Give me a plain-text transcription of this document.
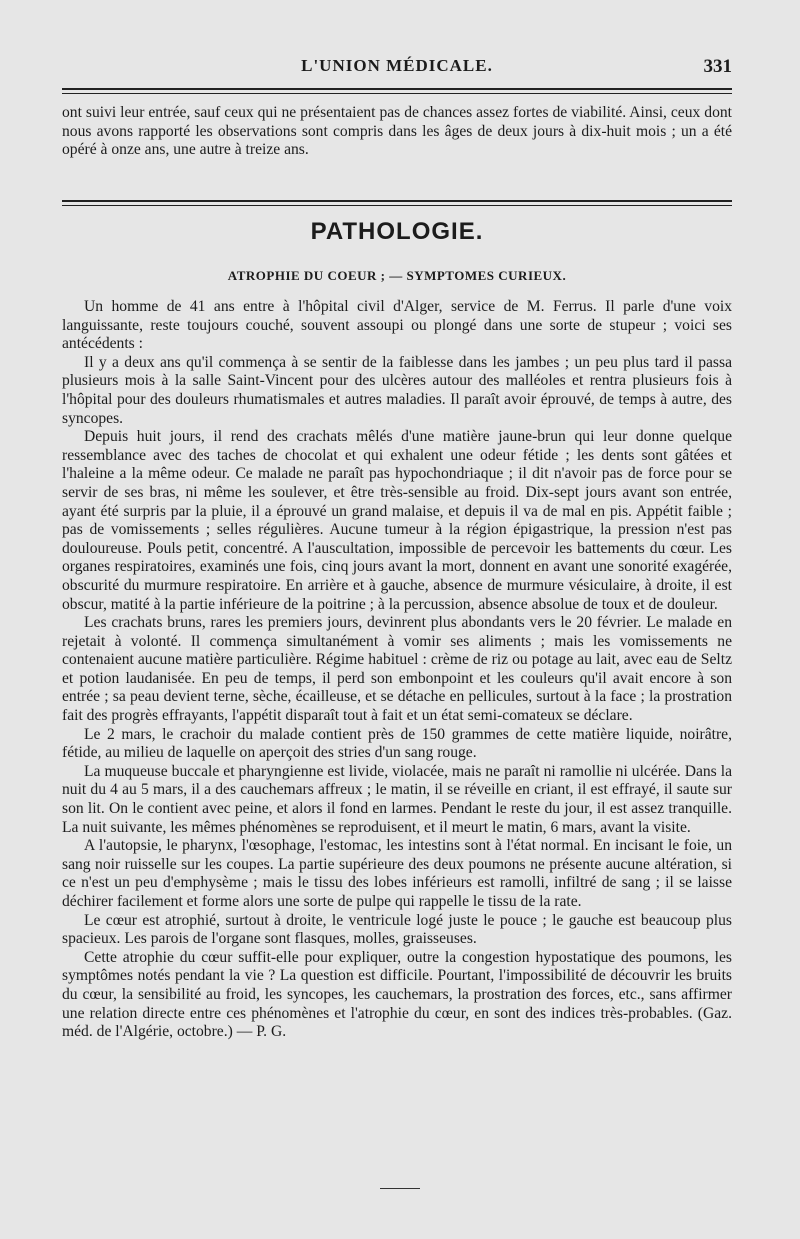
L'UNION MÉDICALE.	331

ont suivi leur entrée, sauf ceux qui ne présentaient pas de chances assez fortes de viabilité. Ainsi, ceux dont nous avons rapporté les observations sont compris dans les âges de deux jours à dix-huit mois ; un a été opéré à onze ans, une autre à treize ans.

PATHOLOGIE.
ATROPHIE DU COEUR ; — SYMPTOMES CURIEUX.

Un homme de 41 ans entre à l'hôpital civil d'Alger, service de M. Ferrus. Il parle d'une voix languissante, reste toujours couché, souvent assoupi ou plongé dans une sorte de stupeur ; voici ses antécédents :

Il y a deux ans qu'il commença à se sentir de la faiblesse dans les jambes ; un peu plus tard il passa plusieurs mois à la salle Saint-Vincent pour des ulcères autour des malléoles et rentra plusieurs fois à l'hôpital pour des douleurs rhumatismales et autres maladies. Il paraît avoir éprouvé, de temps à autre, des syncopes.

Depuis huit jours, il rend des crachats mêlés d'une matière jaune-brun qui leur donne quelque ressemblance avec des taches de chocolat et qui exhalent une odeur fétide ; les dents sont gâtées et l'haleine a la même odeur. Ce malade ne paraît pas hypochondriaque ; il dit n'avoir pas de force pour se servir de ses bras, ni même les soulever, et être très-sensible au froid. Dix-sept jours avant son entrée, ayant été surpris par la pluie, il a éprouvé un grand malaise, et depuis il va de mal en pis. Appétit faible ; pas de vomissements ; selles régulières. Aucune tumeur à la région épigastrique, la pression n'est pas douloureuse. Pouls petit, concentré. A l'auscultation, impossible de percevoir les battements du cœur. Les organes respiratoires, examinés une fois, cinq jours avant la mort, donnent en avant une sonorité exagérée, obscurité du murmure respiratoire. En arrière et à gauche, absence de murmure vésiculaire, à droite, il est obscur, matité à la partie inférieure de la poitrine ; à la percussion, absence absolue de toux et de douleur.

Les crachats bruns, rares les premiers jours, devinrent plus abondants vers le 20 février. Le malade en rejetait à volonté. Il commença simultanément à vomir ses aliments ; mais les vomissements ne contenaient aucune matière particulière. Régime habituel : crème de riz ou potage au lait, avec eau de Seltz et potion laudanisée. En peu de temps, il perd son embonpoint et les couleurs qu'il avait encore à son entrée ; sa peau devient terne, sèche, écailleuse, et se détache en pellicules, surtout à la face ; la prostration fait des progrès effrayants, l'appétit disparaît tout à fait et un état semi-comateux se déclare.

Le 2 mars, le crachoir du malade contient près de 150 grammes de cette matière liquide, noirâtre, fétide, au milieu de laquelle on aperçoit des stries d'un sang rouge.

La muqueuse buccale et pharyngienne est livide, violacée, mais ne paraît ni ramollie ni ulcérée. Dans la nuit du 4 au 5 mars, il a des cauchemars affreux ; le matin, il se réveille en criant, il est effrayé, il saute sur son lit. On le contient avec peine, et alors il fond en larmes. Pendant le reste du jour, il est assez tranquille. La nuit suivante, les mêmes phénomènes se reproduisent, et il meurt le matin, 6 mars, avant la visite.

A l'autopsie, le pharynx, l'œsophage, l'estomac, les intestins sont à l'état normal. En incisant le foie, un sang noir ruisselle sur les coupes. La partie supérieure des deux poumons ne présente aucune altération, si ce n'est un peu d'emphysème ; mais le tissu des lobes inférieurs est ramolli, infiltré de sang ; il se laisse déchirer facilement et forme alors une sorte de pulpe qui rappelle le tissu de la rate.

Le cœur est atrophié, surtout à droite, le ventricule logé juste le pouce ; le gauche est beaucoup plus spacieux. Les parois de l'organe sont flasques, molles, graisseuses.

Cette atrophie du cœur suffit-elle pour expliquer, outre la congestion hypostatique des poumons, les symptômes notés pendant la vie ? La question est difficile. Pourtant, l'impossibilité de découvrir les bruits du cœur, la sensibilité au froid, les syncopes, les cauchemars, la prostration des forces, etc., sans affirmer une relation directe entre ces phénomènes et l'atrophie du cœur, en sont des indices très-probables. (Gaz. méd. de l'Algérie, octobre.) — P. G.
